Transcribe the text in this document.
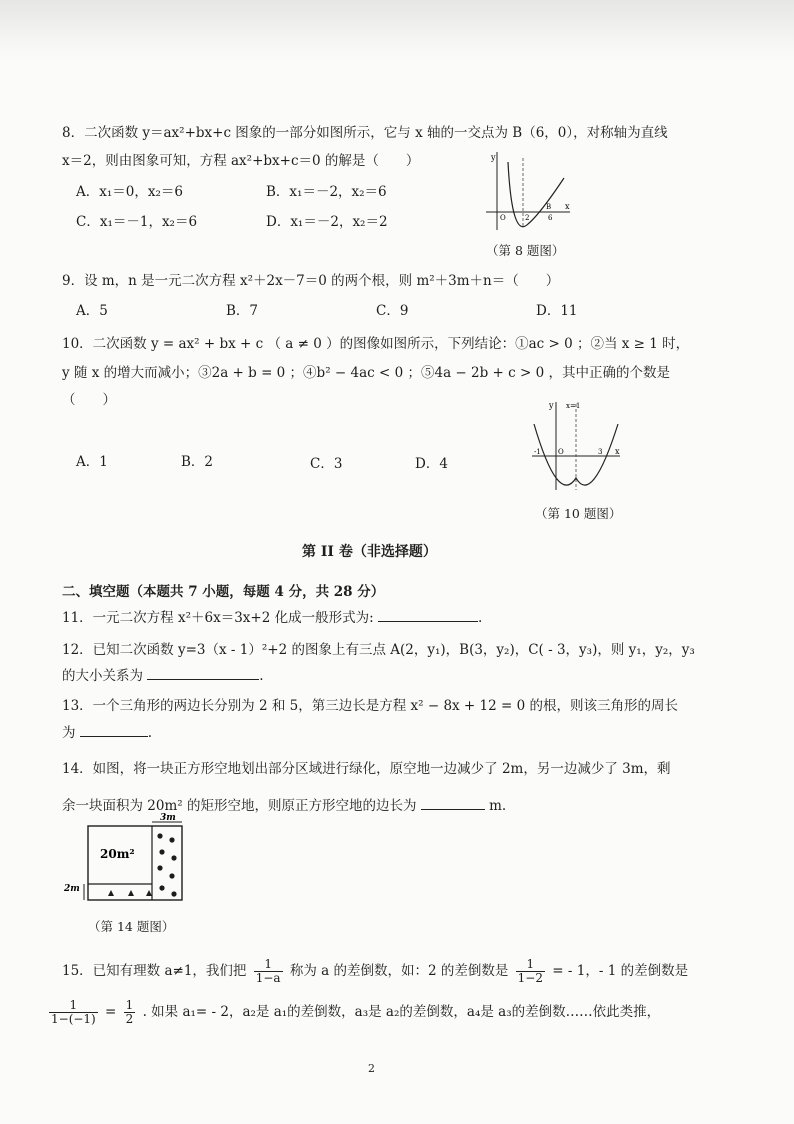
8．二次函数 y＝ax²+bx+c 图象的一部分如图所示，它与 x 轴的一交点为 B（6，0），对称轴为直线
x＝2，则由图象可知，方程 ax²+bx+c＝0 的解是（　　）
A．x₁＝0，x₂＝6	B．x₁＝－2，x₂＝6
C．x₁＝－1，x₂＝6	D．x₁＝－2，x₂＝2
y
O	2
B
6
x
（第 8 题图）
9．设 m，n 是一元二次方程 x²＋2x－7＝0 的两个根，则 m²＋3m＋n＝（　　）
A．5	B．7	C．9	D．11
10．二次函数 y = ax² + bx + c （ a ≠ 0 ）的图像如图所示，下列结论：①ac > 0 ；②当 x ≥ 1 时，
y 随 x 的增大而减小；③2a + b = 0 ；④b² − 4ac < 0 ；⑤4a − 2b + c > 0 ，其中正确的个数是
（　　）
A．1	B．2	C．3	D．4
y x=1
-1 O	3 x
（第 10 题图）
第 II 卷（非选择题）
二、填空题（本题共 7 小题，每题 4 分，共 28 分）
11．一元二次方程 x²＋6x＝3x+2 化成一般形式为:	.
12．已知二次函数 y=3（x - 1）²+2 的图象上有三点 A(2，y₁)，B(3，y₂)，C( - 3，y₃)，则 y₁，y₂，y₃
的大小关系为	.
13．一个三角形的两边长分别为 2 和 5，第三边长是方程 x² − 8x + 12 = 0 的根，则该三角形的周长
为	.
14．如图，将一块正方形空地划出部分区域进行绿化，原空地一边减少了 2m，另一边减少了 3m，剩
余一块面积为 20m² 的矩形空地，则原正方形空地的边长为	m.
3m
20m²
2m
（第 14 题图）
15．已知有理数 a≠1，我们把 $\frac{1}{1-a}$ 称为 a 的差倒数，如：2 的差倒数是 $\frac{1}{1-2}$ = - 1，- 1 的差倒数是
$\frac{1}{1-(-1)} = \frac{1}{2}$ . 如果 a₁= - 2，a₂是 a₁的差倒数，a₃是 a₂的差倒数，a₄是 a₃的差倒数……依此类推，
2
